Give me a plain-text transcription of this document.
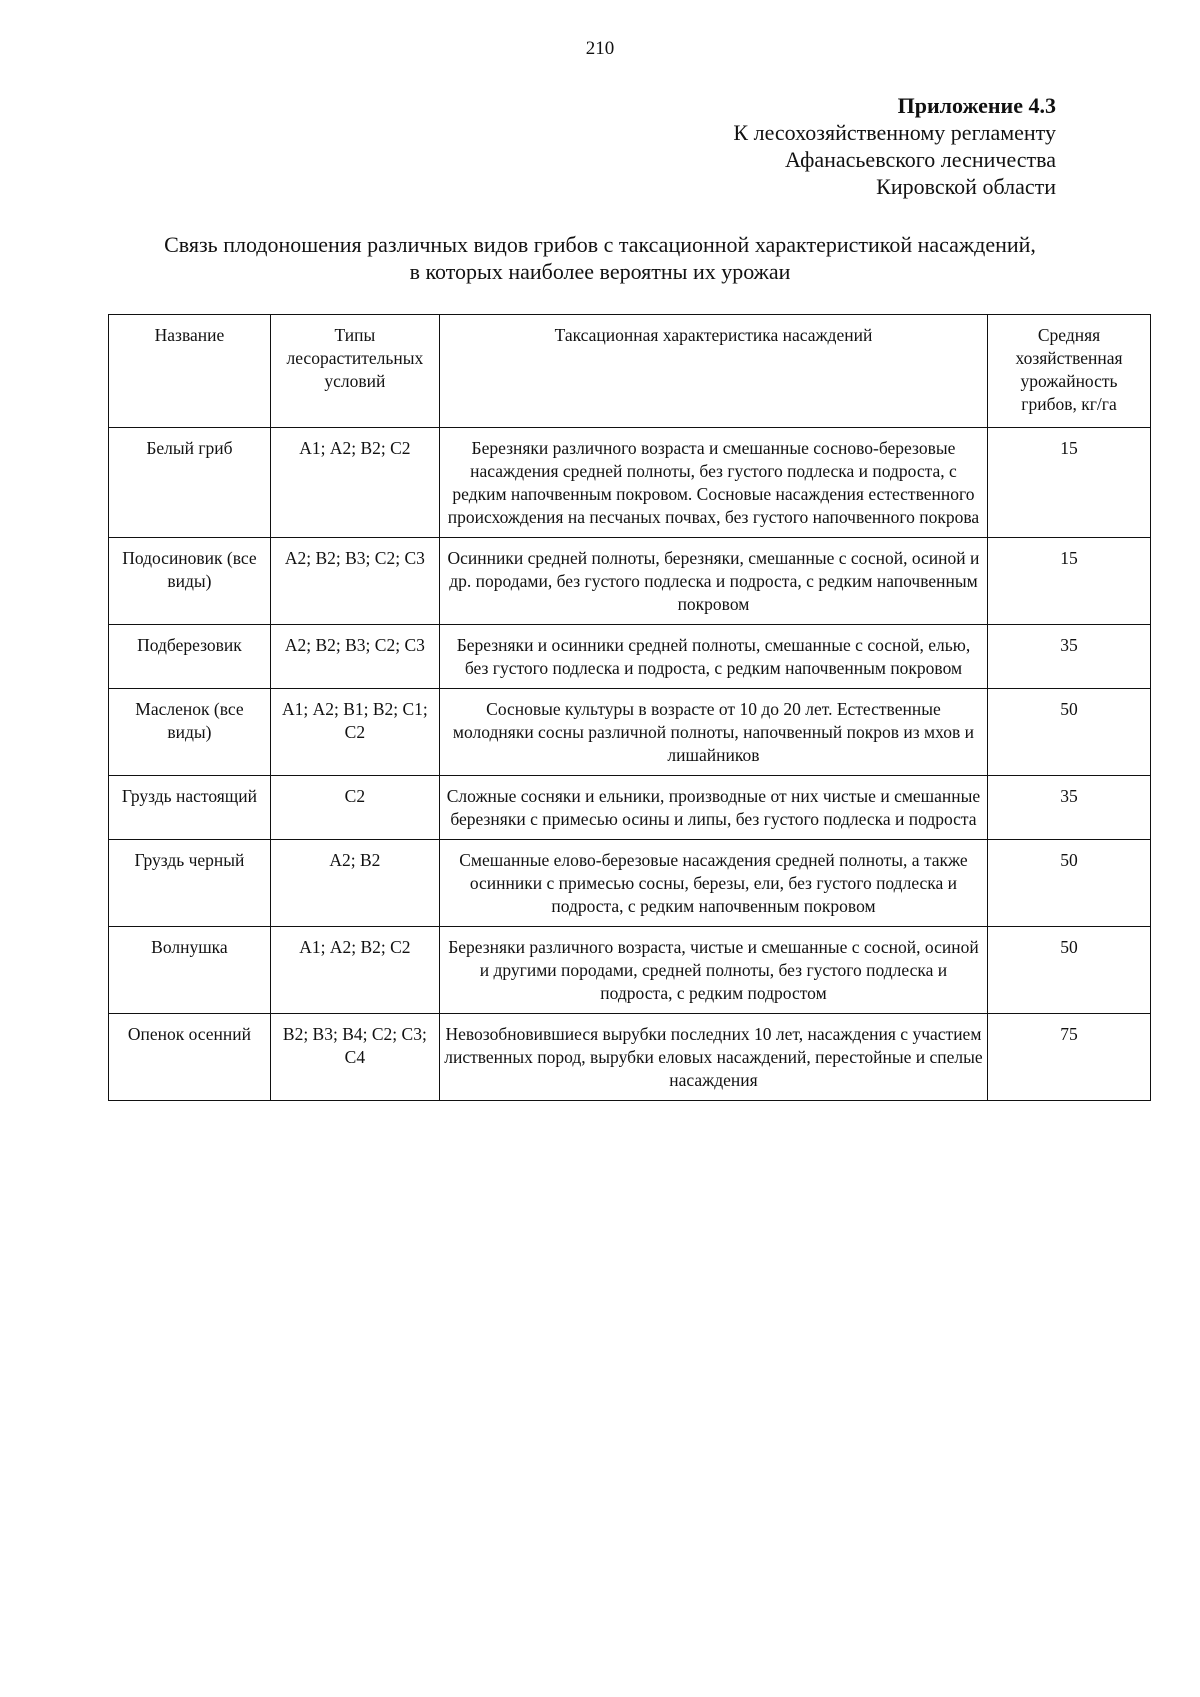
210
Приложение 4.3
К лесохозяйственному регламенту
Афанасьевского лесничества
Кировской области
Связь плодоношения различных видов грибов с таксационной характеристикой насаждений,
в которых наиболее вероятны их урожаи
Название	Типы лесорастительных условий	Таксационная характеристика насаждений	Средняя хозяйственная урожайность грибов, кг/га
Белый гриб	А1; А2; В2; С2	Березняки различного возраста и смешанные сосново-березовые насаждения средней полноты, без густого подлеска и подроста, с редким напочвенным покровом. Сосновые насаждения естественного происхождения на песчаных почвах, без густого напочвенного покрова	15
Подосиновик (все виды)	А2; В2; В3; С2; С3	Осинники средней полноты, березняки, смешанные с сосной, осиной и др. породами, без густого подлеска и подроста, с редким напочвенным покровом	15
Подберезовик	А2; В2; В3; С2; С3	Березняки и осинники средней полноты, смешанные с сосной, елью, без густого подлеска и подроста, с редким напочвенным покровом	35
Масленок (все виды)	А1; А2; В1; В2; С1; С2	Сосновые культуры в возрасте от 10 до 20 лет. Естественные молодняки сосны различной полноты, напочвенный покров из мхов и лишайников	50
Груздь настоящий	С2	Сложные сосняки и ельники, производные от них чистые и смешанные березняки с примесью осины и липы, без густого подлеска и подроста	35
Груздь черный	А2; В2	Смешанные елово-березовые насаждения средней полноты, а также осинники с примесью сосны, березы, ели, без густого подлеска и подроста, с редким напочвенным покровом	50
Волнушка	А1; А2; В2; С2	Березняки различного возраста, чистые и смешанные с сосной, осиной и другими породами, средней полноты, без густого подлеска и подроста, с редким подростом	50
Опенок осенний	В2; В3; В4; С2; С3; С4	Невозобновившиеся вырубки последних 10 лет, насаждения с участием лиственных пород, вырубки еловых насаждений, перестойные и спелые насаждения	75
